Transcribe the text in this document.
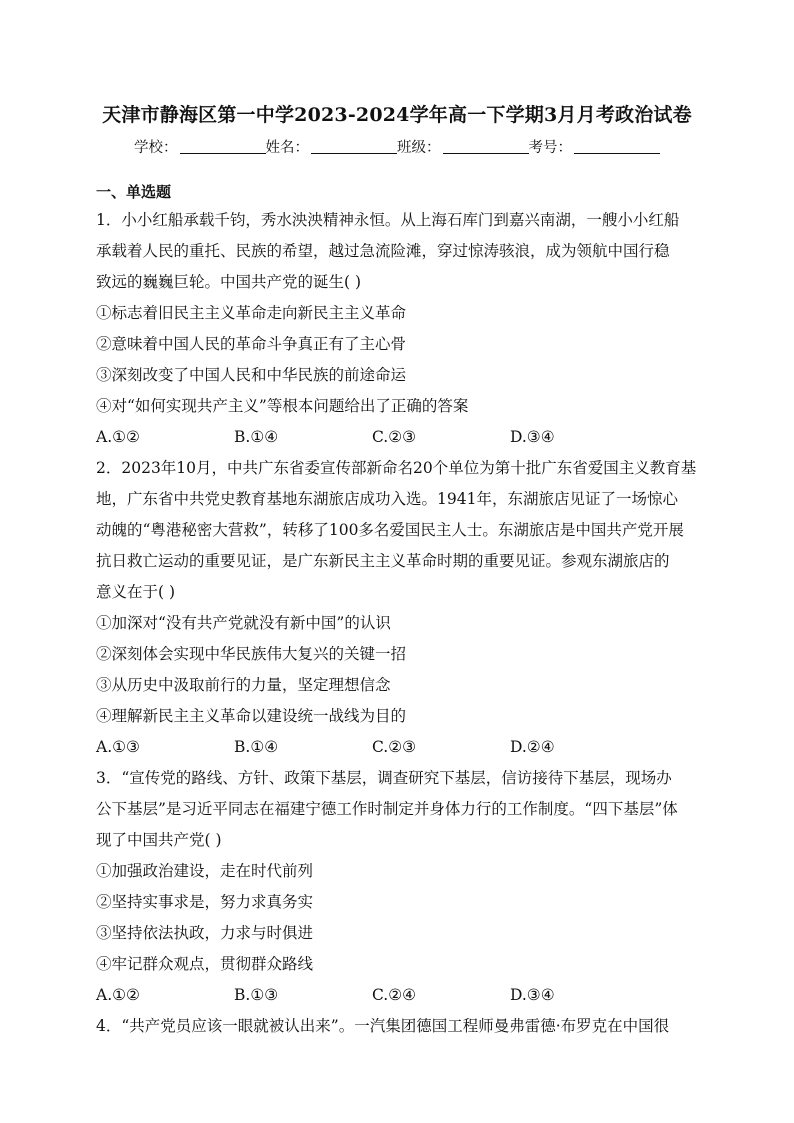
天津市静海区第一中学2023-2024学年高一下学期3月月考政治试卷
学校：	姓名：	班级：	考号：
一、单选题
1．小小红船承载千钧，秀水泱泱精神永恒。从上海石库门到嘉兴南湖，一艘小小红船
承载着人民的重托、民族的希望，越过急流险滩，穿过惊涛骇浪，成为领航中国行稳
致远的巍巍巨轮。中国共产党的诞生( )
①标志着旧民主主义革命走向新民主主义革命
②意味着中国人民的革命斗争真正有了主心骨
③深刻改变了中国人民和中华民族的前途命运
④对“如何实现共产主义”等根本问题给出了正确的答案
A.①②	B.①④	C.②③	D.③④
2．2023年10月，中共广东省委宣传部新命名20个单位为第十批广东省爱国主义教育基
地，广东省中共党史教育基地东湖旅店成功入选。1941年，东湖旅店见证了一场惊心
动魄的“粤港秘密大营救”，转移了100多名爱国民主人士。东湖旅店是中国共产党开展
抗日救亡运动的重要见证，是广东新民主主义革命时期的重要见证。参观东湖旅店的
意义在于( )
①加深对“没有共产党就没有新中国”的认识
②深刻体会实现中华民族伟大复兴的关键一招
③从历史中汲取前行的力量，坚定理想信念
④理解新民主主义革命以建设统一战线为目的
A.①③	B.①④	C.②③	D.②④
3．“宣传党的路线、方针、政策下基层，调查研究下基层，信访接待下基层，现场办
公下基层”是习近平同志在福建宁德工作时制定并身体力行的工作制度。“四下基层”体
现了中国共产党( )
①加强政治建设，走在时代前列
②坚持实事求是，努力求真务实
③坚持依法执政，力求与时俱进
④牢记群众观点，贯彻群众路线
A.①②	B.①③	C.②④	D.③④
4．“共产党员应该一眼就被认出来”。一汽集团德国工程师曼弗雷德·布罗克在中国很
